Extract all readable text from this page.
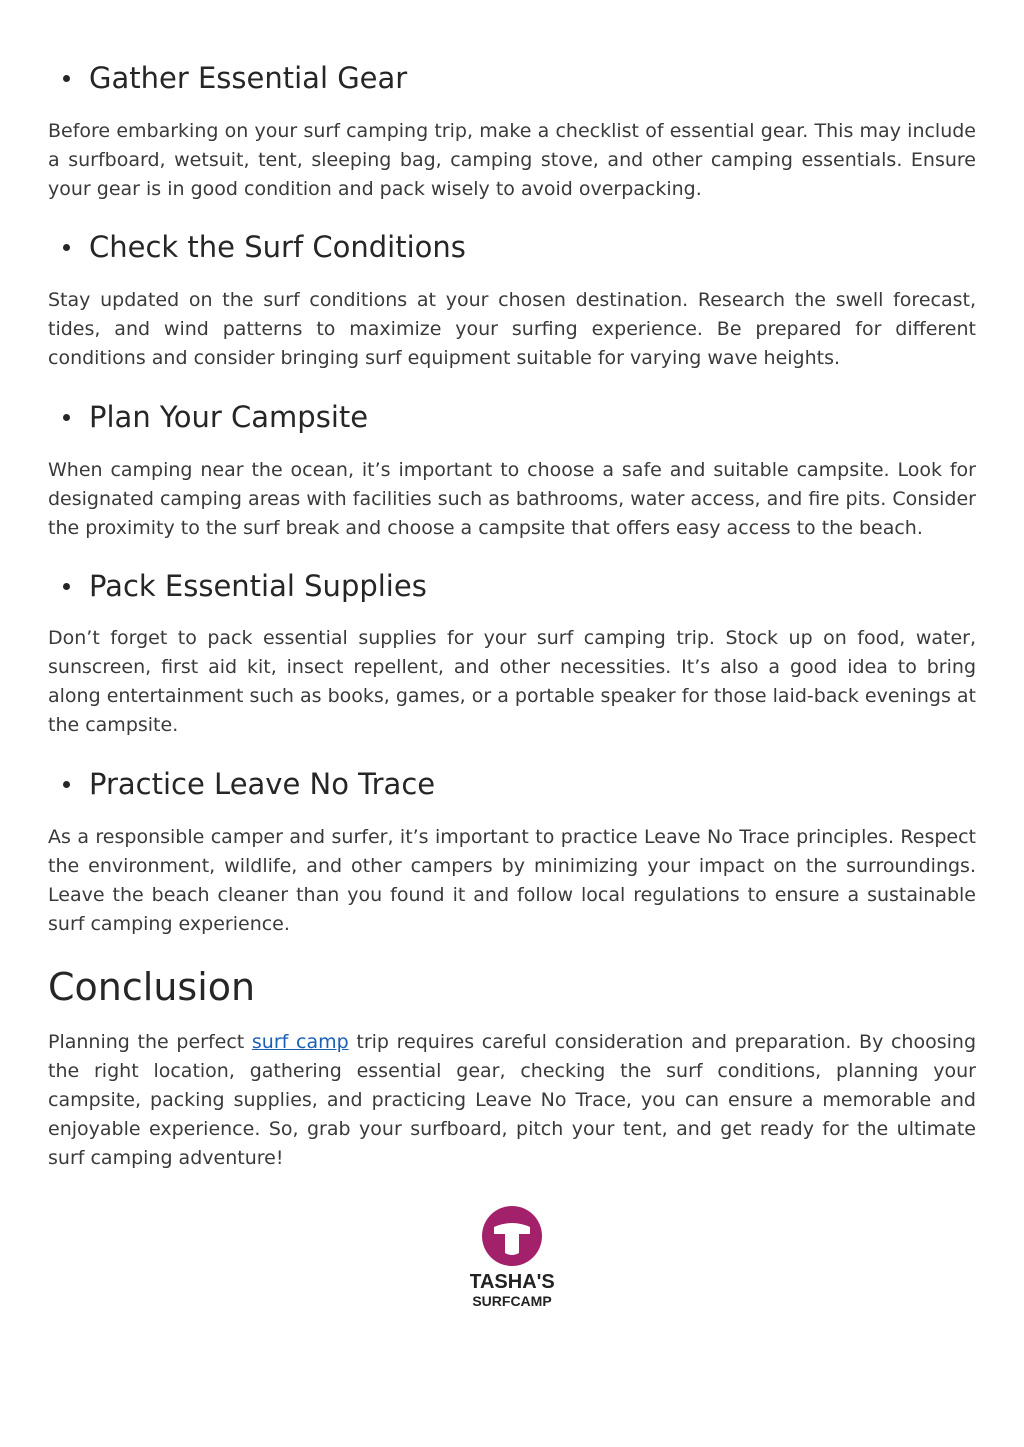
Gather Essential Gear

Before embarking on your surf camping trip, make a checklist of essential gear. This may include a surfboard, wetsuit, tent, sleeping bag, camping stove, and other camping essentials. Ensure your gear is in good condition and pack wisely to avoid overpacking.

Check the Surf Conditions

Stay updated on the surf conditions at your chosen destination. Research the swell forecast, tides, and wind patterns to maximize your surfing experience. Be prepared for different conditions and consider bringing surf equipment suitable for varying wave heights.

Plan Your Campsite

When camping near the ocean, it’s important to choose a safe and suitable campsite. Look for designated camping areas with facilities such as bathrooms, water access, and fire pits. Consider the proximity to the surf break and choose a campsite that offers easy access to the beach.

Pack Essential Supplies

Don’t forget to pack essential supplies for your surf camping trip. Stock up on food, water, sunscreen, first aid kit, insect repellent, and other necessities. It’s also a good idea to bring along entertainment such as books, games, or a portable speaker for those laid-back evenings at the campsite.

Practice Leave No Trace

As a responsible camper and surfer, it’s important to practice Leave No Trace principles. Respect the environment, wildlife, and other campers by minimizing your impact on the surroundings. Leave the beach cleaner than you found it and follow local regulations to ensure a sustainable surf camping experience.

Conclusion

Planning the perfect surf camp trip requires careful consideration and preparation. By choosing the right location, gathering essential gear, checking the surf conditions, planning your campsite, packing supplies, and practicing Leave No Trace, you can ensure a memorable and enjoyable experience. So, grab your surfboard, pitch your tent, and get ready for the ultimate surf camping adventure!

TASHA'S
SURFCAMP
